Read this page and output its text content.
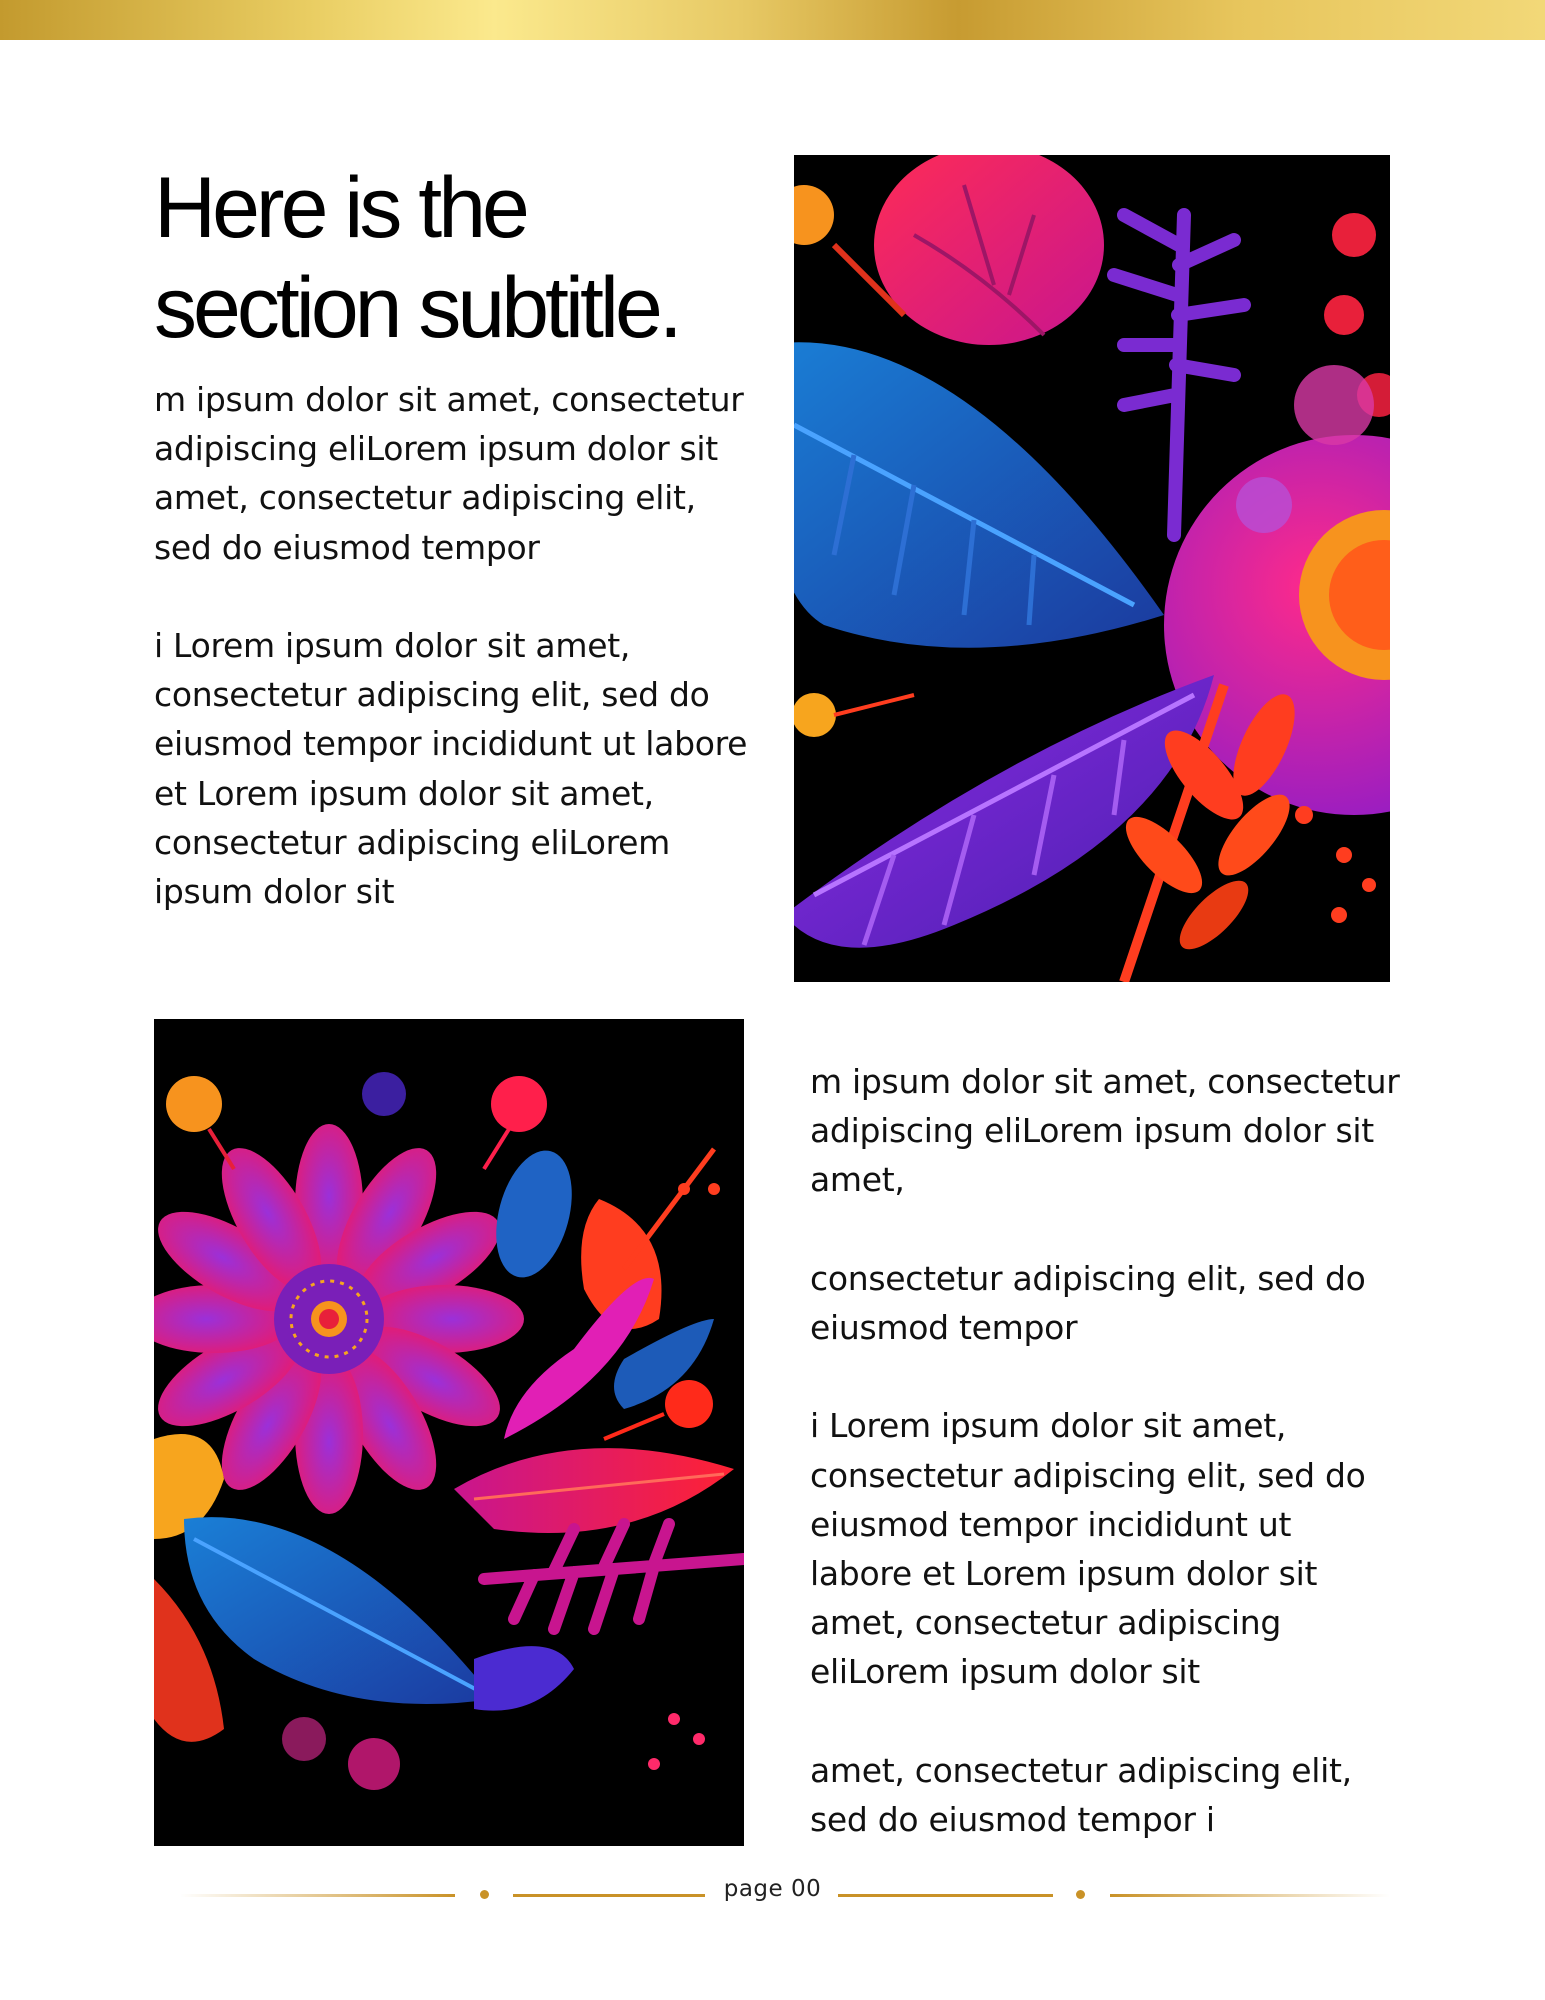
Here is the section subtitle.

m ipsum dolor sit amet, consectetur adipiscing eliLorem ipsum dolor sit amet, consectetur adipiscing elit, sed do eiusmod tempor

i Lorem ipsum dolor sit amet, consectetur adipiscing elit, sed do eiusmod tempor incididunt ut labore et Lorem ipsum dolor sit amet, consectetur adipiscing eliLorem ipsum dolor sit

m ipsum dolor sit amet, consectetur adipiscing eliLorem ipsum dolor sit amet,

consectetur adipiscing elit, sed do eiusmod tempor

i Lorem ipsum dolor sit amet, consectetur adipiscing elit, sed do eiusmod tempor incididunt ut labore et Lorem ipsum dolor sit amet, consectetur adipiscing eliLorem ipsum dolor sit

amet, consectetur adipiscing elit, sed do eiusmod tempor i

page 00
